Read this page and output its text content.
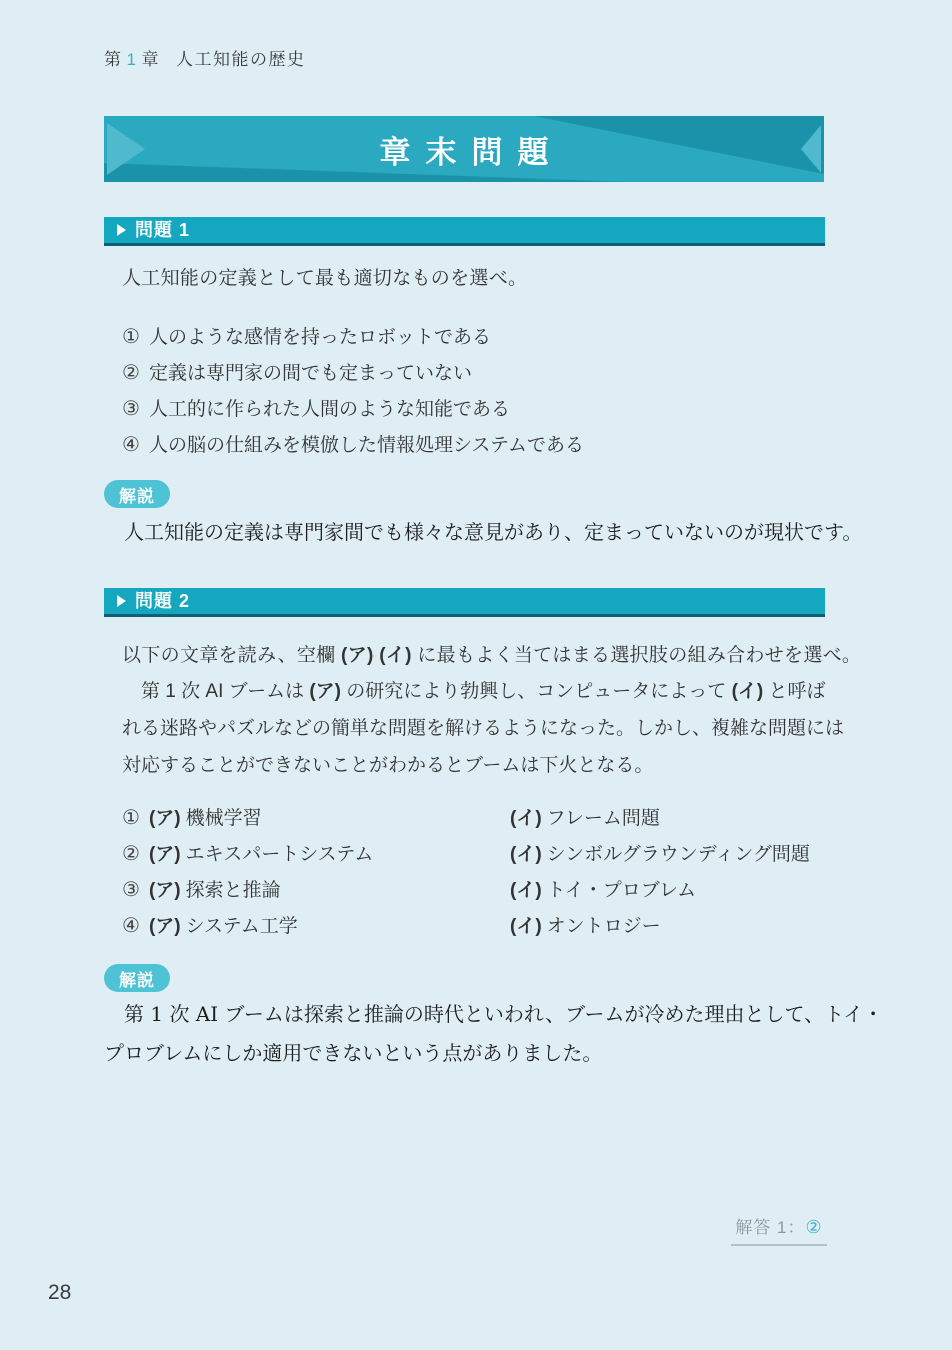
第 1 章 人工知能の歴史
章末問題
問題 1
人工知能の定義として最も適切なものを選べ。
① 人のような感情を持ったロボットである
② 定義は専門家の間でも定まっていない
③ 人工的に作られた人間のような知能である
④ 人の脳の仕組みを模倣した情報処理システムである
解説
　人工知能の定義は専門家間でも様々な意見があり、定まっていないのが現状です。
問題 2
以下の文章を読み、空欄 (ア) (イ) に最もよく当てはまる選択肢の組み合わせを選べ。
　第 1 次 AI ブームは (ア) の研究により勃興し、コンピュータによって (イ) と呼ば
れる迷路やパズルなどの簡単な問題を解けるようになった。しかし、複雑な問題には
対応することができないことがわかるとブームは下火となる。
① (ア) 機械学習	(イ) フレーム問題
② (ア) エキスパートシステム	(イ) シンボルグラウンディング問題
③ (ア) 探索と推論	(イ) トイ・プロブレム
④ (ア) システム工学	(イ) オントロジー
解説
　第 1 次 AI ブームは探索と推論の時代といわれ、ブームが冷めた理由として、トイ・
プロブレムにしか適用できないという点がありました。
解答 1：②
28
